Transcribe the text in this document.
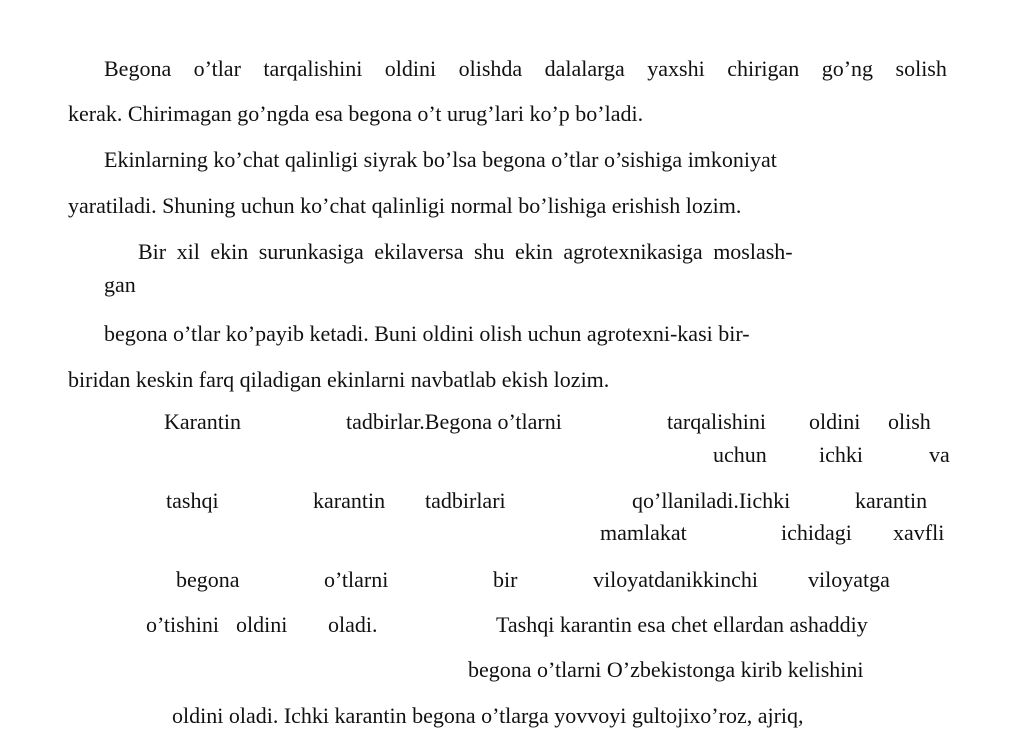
Begona o’tlar tarqalishini oldini olishda dalalarga yaxshi chirigan go’ng solish
kerak. Chirimagan go’ngda esa begona o’t urug’lari ko’p bo’ladi.
Ekinlarning ko’chat qalinligi siyrak bo’lsa begona o’tlar o’sishiga imkoniyat
yaratiladi. Shuning uchun ko’chat qalinligi normal bo’lishiga erishish lozim.
Bir xil ekin surunkasiga ekilaversa shu ekin agrotexnikasiga moslash-
gan
begona o’tlar ko’payib ketadi. Buni oldini olish uchun agrotexni-kasi bir-
biridan keskin farq qiladigan ekinlarni navbatlab ekish lozim.
Karantin	tadbirlar.Begona o’tlarni	tarqalishini oldini olish
uchun ichki	va
tashqi	karantin tadbirlari	qo’llaniladi.Iichki	karantin
mamlakat	ichidagi xavfli
begona	o’tlarni	bir	viloyatdanikkinchi viloyatga
o’tishini oldini oladi.	Tashqi karantin esa chet ellardan ashaddiy
begona o’tlarni O’zbekistonga kirib kelishini
oldini oladi. Ichki karantin begona o’tlarga yovvoyi gultojixo’roz, ajriq,
